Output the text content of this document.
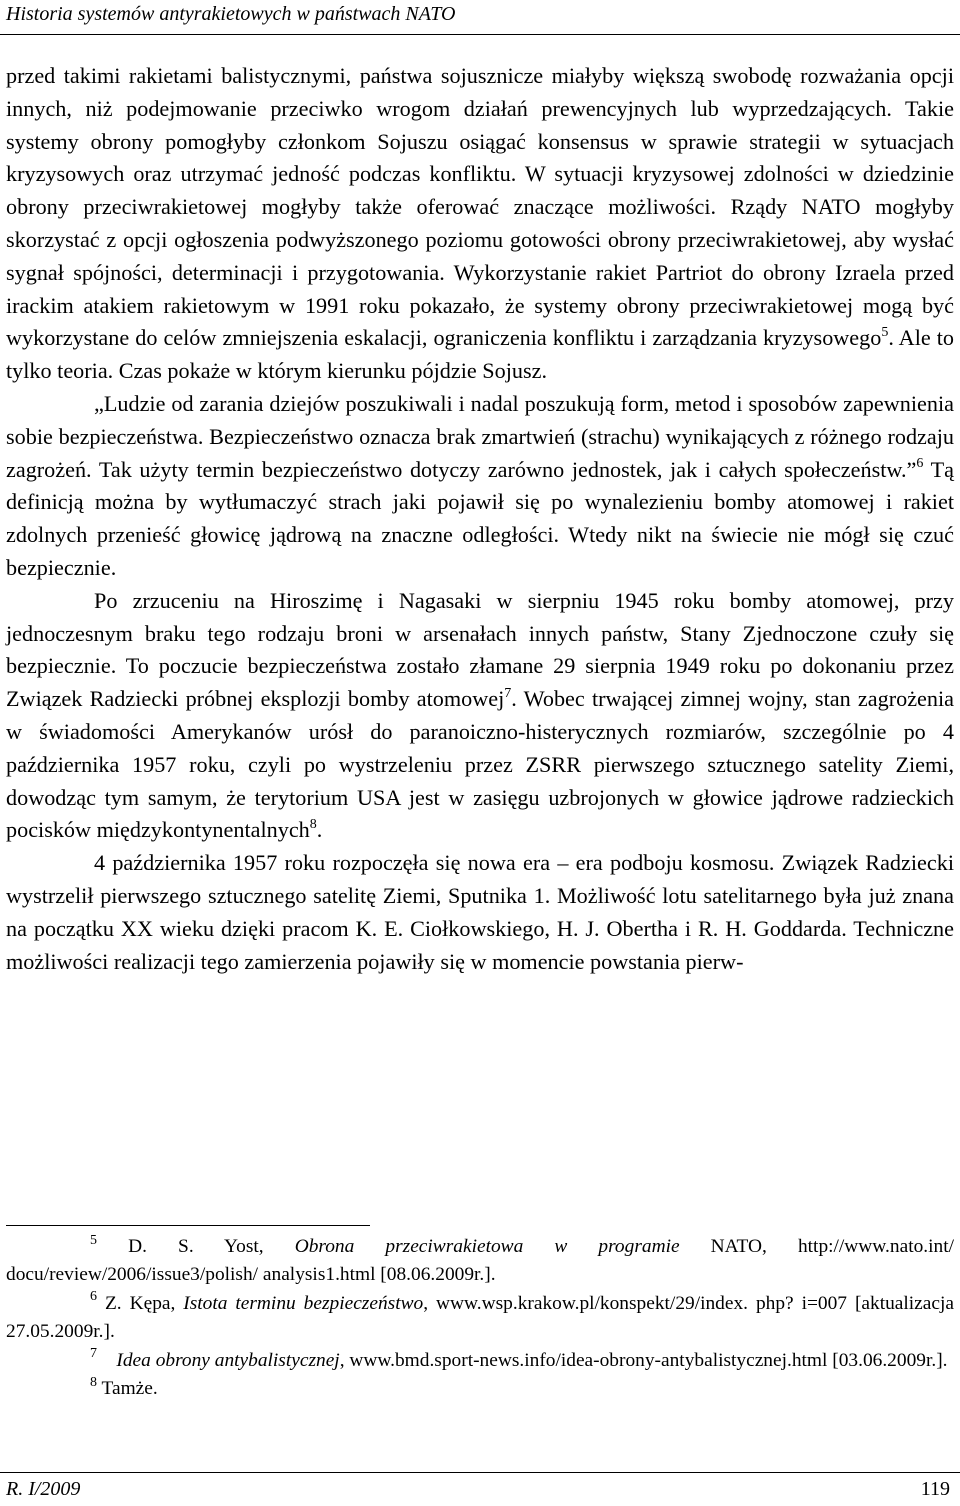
Historia systemów antyrakietowych w państwach NATO

przed takimi rakietami balistycznymi, państwa sojusznicze miałyby większą swobodę rozważania opcji innych, niż podejmowanie przeciwko wrogom działań prewencyjnych lub wyprzedzających. Takie systemy obrony pomogłyby członkom Sojuszu osiągać konsensus w sprawie strategii w sytuacjach kryzysowych oraz utrzymać jedność podczas konfliktu. W sytuacji kryzysowej zdolności w dziedzinie obrony przeciwrakietowej mogłyby także oferować znaczące możliwości. Rządy NATO mogłyby skorzystać z opcji ogłoszenia podwyższonego poziomu gotowości obrony przeciwrakietowej, aby wysłać sygnał spójności, determinacji i przygotowania. Wykorzystanie rakiet Partriot do obrony Izraela przed irackim atakiem rakietowym w 1991 roku pokazało, że systemy obrony przeciwrakietowej mogą być wykorzystane do celów zmniejszenia eskalacji, ograniczenia konfliktu i zarządzania kryzysowego$^5$. Ale to tylko teoria. Czas pokaże w którym kierunku pójdzie Sojusz.

„Ludzie od zarania dziejów poszukiwali i nadal poszukują form, metod i sposobów zapewnienia sobie bezpieczeństwa. Bezpieczeństwo oznacza brak zmartwień (strachu) wynikających z różnego rodzaju zagrożeń. Tak użyty termin bezpieczeństwo dotyczy zarówno jednostek, jak i całych społeczeństw.”$^6$ Tą definicją można by wytłumaczyć strach jaki pojawił się po wynalezieniu bomby atomowej i rakiet zdolnych przenieść głowicę jądrową na znaczne odległości. Wtedy nikt na świecie nie mógł się czuć bezpiecznie.

Po zrzuceniu na Hiroszimę i Nagasaki w sierpniu 1945 roku bomby atomowej, przy jednoczesnym braku tego rodzaju broni w arsenałach innych państw, Stany Zjednoczone czuły się bezpiecznie. To poczucie bezpieczeństwa zostało złamane 29 sierpnia 1949 roku po dokonaniu przez Związek Radziecki próbnej eksplozji bomby atomowej$^7$. Wobec trwającej zimnej wojny, stan zagrożenia w świadomości Amerykanów urósł do paranoiczno-histerycznych rozmiarów, szczególnie po 4 października 1957 roku, czyli po wystrzeleniu przez ZSRR pierwszego sztucznego satelity Ziemi, dowodząc tym samym, że terytorium USA jest w zasięgu uzbrojonych w głowice jądrowe radzieckich pocisków międzykontynentalnych$^8$.

4 października 1957 roku rozpoczęła się nowa era – era podboju kosmosu. Związek Radziecki wystrzelił pierwszego sztucznego satelitę Ziemi, Sputnika 1. Możliwość lotu satelitarnego była już znana na początku XX wieku dzięki pracom K. E. Ciołkowskiego, H. J. Obertha i R. H. Goddarda. Techniczne możliwości realizacji tego zamierzenia pojawiły się w momencie powstania pierw-

$^5$ D. S. Yost, Obrona przeciwrakietowa w programie NATO, http://www.nato.int/ docu/review/2006/issue3/polish/ analysis1.html [08.06.2009r.].

$^6$ Z. Kępa, Istota terminu bezpieczeństwo, www.wsp.krakow.pl/konspekt/29/index. php? i=007 [aktualizacja 27.05.2009r.].

$^7$ Idea obrony antybalistycznej, www.bmd.sport-news.info/idea-obrony-antybalistycznej.html [03.06.2009r.].

$^8$ Tamże.

R. I/2009	119
